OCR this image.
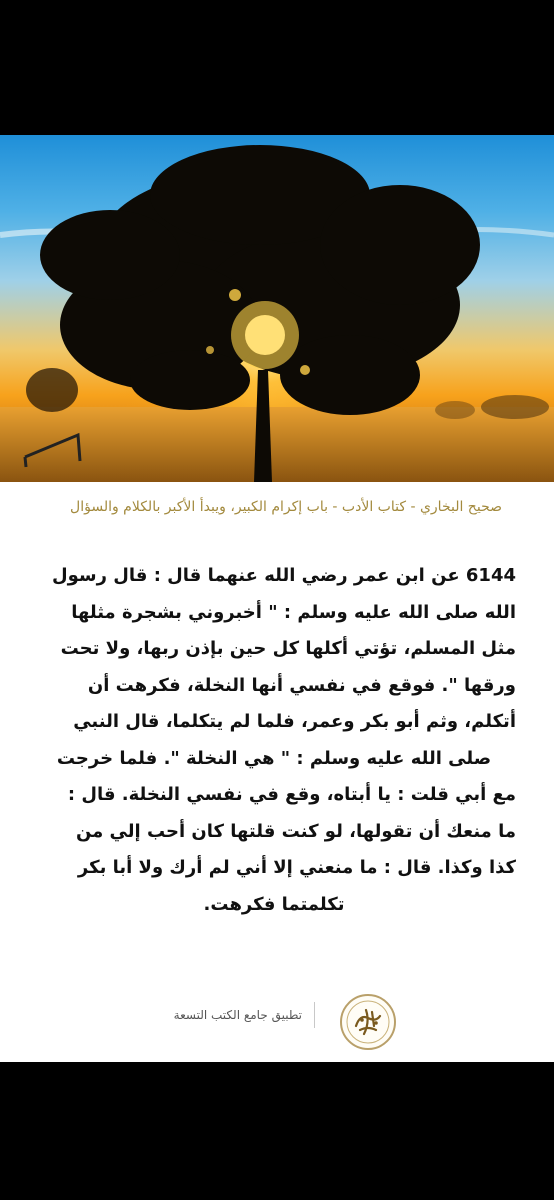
صحيح البخاري - كتاب الأدب - باب إكرام الكبير، ويبدأ الأكبر بالكلام والسؤال
6144 عن ابن عمر رضي الله عنهما قال : قال رسول
الله صلى الله عليه وسلم : " أخبروني بشجرة مثلها
مثل المسلم، تؤتي أكلها كل حين بإذن ربها، ولا تحت
ورقها ". فوقع في نفسي أنها النخلة، فكرهت أن
أتكلم، وثم أبو بكر وعمر، فلما لم يتكلما، قال النبي
صلى الله عليه وسلم : " هي النخلة ". فلما خرجت
مع أبي قلت : يا أبتاه، وقع في نفسي النخلة. قال :
ما منعك أن تقولها، لو كنت قلتها كان أحب إلي من
كذا وكذا. قال : ما منعني إلا أني لم أرك ولا أبا بكر
تكلمتما فكرهت.
تطبيق جامع الكتب التسعة
